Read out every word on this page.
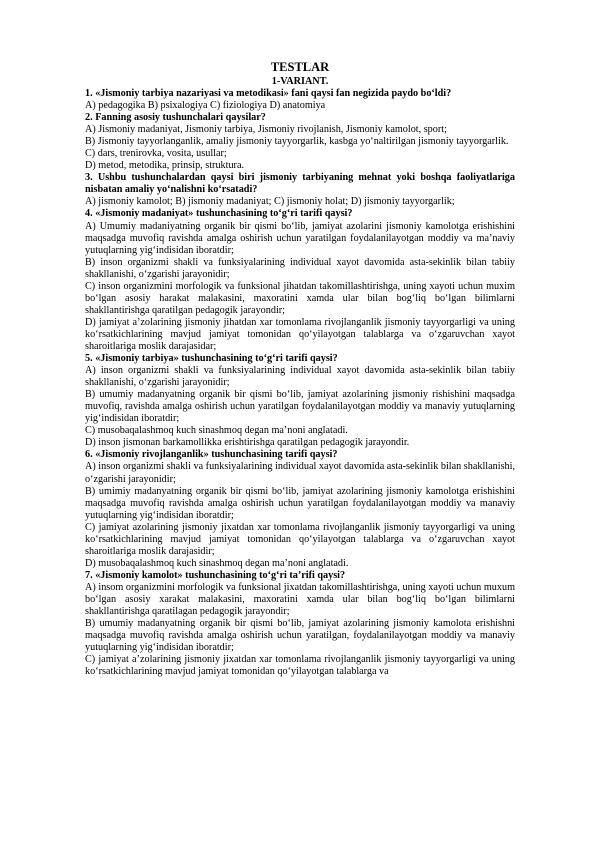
TESTLAR
1-VARIANT.
1. «Jismoniy tarbiya nazariyasi va metodikasi» fani qaysi fan negizida paydo bo‘ldi?
A) pedagogika B) psixalogiya C) fiziologiya D) anatomiya
2. Fanning asosiy tushunchalari qaysilar?
A) Jismoniy madaniyat, Jismoniy tarbiya, Jismoniy rivojlanish, Jismoniy kamolot, sport;
B) Jismoniy tayyorlanganlik, amaliy jismoniy tayyorgarlik, kasbga yo‘naltirilgan jismoniy tayyorgarlik.
C) dars, trenirovka, vosita, usullar;
D) metod, metodika, prinsip, struktura.
3. Ushbu tushunchalardan qaysi biri jismoniy tarbiyaning mehnat yoki boshqa faoliyatlariga nisbatan amaliy yo‘nalishni ko‘rsatadi?
A) jismoniy kamolot; B) jismoniy madaniyat; C) jismoniy holat; D) jismoniy tayyorgarlik;
4. «Jismoniy madaniyat» tushunchasining to‘g‘ri tarifi qaysi?
A) Umumiy madaniyatning organik bir qismi bo‘lib, jamiyat azolarini jismoniy kamolotga erishishini maqsadga muvofiq ravishda amalga oshirish uchun yaratilgan foydalanilayotgan moddiy va ma’naviy yutuqlarning yig‘indisidan iboratdir;
B) inson organizmi shakli va funksiyalarining individual xayot davomida asta-sekinlik bilan tabiiy shakllanishi, o‘zgarishi jarayonidir;
C) inson organizmini morfologik va funksional jihatdan takomillashtirishga, uning xayoti uchun muxim bo‘lgan asosiy harakat malakasini, maxoratini xamda ular bilan bog‘liq bo‘lgan bilimlarni shakllantirishga qaratilgan pedagogik jarayondir;
D) jamiyat a’zolarining jismoniy jihatdan xar tomonlama rivojlanganlik jismoniy tayyorgarligi va uning ko‘rsatkichlarining mavjud jamiyat tomonidan qo‘yilayotgan talablarga va o‘zgaruvchan xayot sharoitlariga moslik darajasidar;
5. «Jismoniy tarbiya» tushunchasining to‘g‘ri tarifi qaysi?
A) inson organizmi shakli va funksiyalarining individual xayot davomida asta-sekinlik bilan tabiiy shakllanishi, o‘zgarishi jarayonidir;
B) umumiy madanyatning organik bir qismi bo‘lib, jamiyat azolarining jismoniy rishishini maqsadga muvofiq, ravishda amalga oshirish uchun yaratilgan foydalanilayotgan moddiy va manaviy yutuqlarning yig‘indisidan iboratdir;
C) musobaqalashmoq kuch sinashmoq degan ma’noni anglatadi.
D) inson jismonan barkamollikka erishtirishga qaratilgan pedagogik jarayondir.
6. «Jismoniy rivojlanganlik» tushunchasining tarifi qaysi?
A) inson organizmi shakli va funksiyalarining individual xayot davomida asta-sekinlik bilan shakllanishi, o‘zgarishi jarayonidir;
B) umimiy madanyatning organik bir qismi bo‘lib, jamiyat azolarining jismoniy kamolotga erishishini maqsadga muvofiq ravishda amalga oshirish uchun yaratilgan foydalanilayotgan moddiy va manaviy yutuqlarning yig‘indisidan iboratdir;
C) jamiyat azolarining jismoniy jixatdan xar tomonlama rivojlanganlik jismoniy tayyorgarligi va uning ko‘rsatkichlarining mavjud jamiyat tomonidan qo‘yilayotgan talablarga va o‘zgaruvchan xayot sharoitlariga moslik darajasidir;
D) musobaqalashmoq kuch sinashmoq degan ma’noni anglatadi.
7. «Jismoniy kamolot» tushunchasining to‘g‘ri ta’rifi qaysi?
A) insom organizmini morfologik va funksional jixatdan takomillashtirishga, uning xayoti uchun muxum bo‘lgan asosiy xarakat malakasini, maxoratini xamda ular bilan bog‘liq bo‘lgan bilimlarni shakllantirishga qaratilagan pedagogik jarayondir;
B) umumiy madanyatning organik bir qismi bo‘lib, jamiyat azolarining jismoniy kamolota erishishni maqsadga muvofiq ravishda amalga oshirish uchun yaratilgan, foydalanilayotgan moddiy va manaviy yutuqlarning yig‘indisidan iboratdir;
C) jamiyat a’zolarining jismoniy jixatdan xar tomonlama rivojlanganlik jismoniy tayyorgarligi va uning ko‘rsatkichlarining mavjud jamiyat tomonidan qo‘yilayotgan talablarga va
